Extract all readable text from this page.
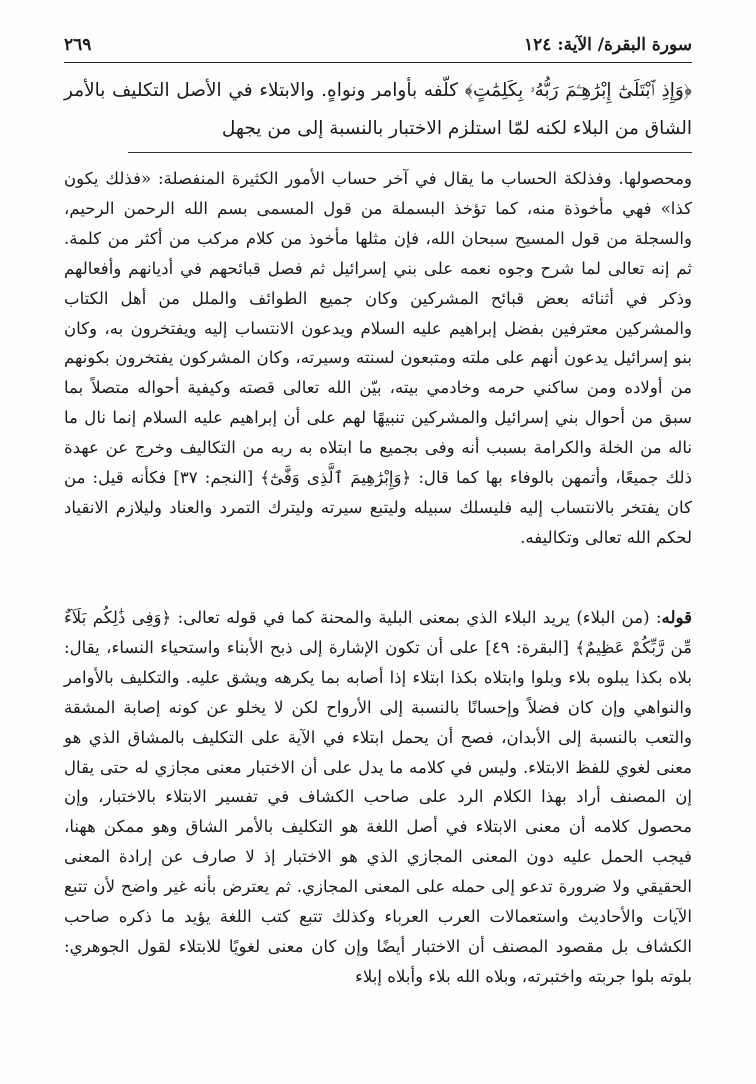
سورة البقرة/ الآية: ١٢٤
٢٦٩
﴿وَإِذِ ٱبْتَلَىٰٓ إِبْرَٰهِـۧمَ رَبُّهُۥ بِكَلِمَٰتٍ﴾ كلّفه بأوامر ونواهٍ. والابتلاء في الأصل التكليف بالأمر الشاق من البلاء لكنه لمّا استلزم الاختبار بالنسبة إلى من يجهل
ومحصولها. وفذلكة الحساب ما يقال في آخر حساب الأمور الكثيرة المنفصلة: «فذلك يكون كذا» فهي مأخوذة منه، كما تؤخذ البسملة من قول المسمى بسم الله الرحمن الرحيم، والسجلة من قول المسيح سبحان الله، فإن مثلها مأخوذ من كلام مركب من أكثر من كلمة. ثم إنه تعالى لما شرح وجوه نعمه على بني إسرائيل ثم فصل قبائحهم في أديانهم وأفعالهم وذكر في أثنائه بعض قبائح المشركين وكان جميع الطوائف والملل من أهل الكتاب والمشركين معترفين بفضل إبراهيم عليه السلام ويدعون الانتساب إليه ويفتخرون به، وكان بنو إسرائيل يدعون أنهم على ملته ومتبعون لسنته وسيرته، وكان المشركون يفتخرون بكونهم من أولاده ومن ساكني حرمه وخادمي بيته، بيّن الله تعالى قصته وكيفية أحواله متصلاً بما سبق من أحوال بني إسرائيل والمشركين تنبيهًا لهم على أن إبراهيم عليه السلام إنما نال ما ناله من الخلة والكرامة بسبب أنه وفى بجميع ما ابتلاه به ربه من التكاليف وخرج عن عهدة ذلك جميعًا، وأتمهن بالوفاء بها كما قال: ﴿وَإِبْرَٰهِيمَ ٱلَّذِى وَفَّىٰٓ﴾ [النجم: ٣٧] فكأنه قيل: من كان يفتخر بالانتساب إليه فليسلك سبيله وليتبع سيرته وليترك التمرد والعناد وليلازم الانقياد لحكم الله تعالى وتكاليفه.
قوله: (من البلاء) يريد البلاء الذي بمعنى البلية والمحنة كما في قوله تعالى: ﴿وَفِى ذَٰلِكُم بَلَآءٌ مِّن رَّبِّكُمْ عَظِيمٌ﴾ [البقرة: ٤٩] على أن تكون الإشارة إلى ذبح الأبناء واستحياء النساء، يقال: بلاه بكذا يبلوه بلاء وبلوا وابتلاه بكذا ابتلاء إذا أصابه بما يكرهه ويشق عليه. والتكليف بالأوامر والنواهي وإن كان فضلاً وإحسانًا بالنسبة إلى الأرواح لكن لا يخلو عن كونه إصابة المشقة والتعب بالنسبة إلى الأبدان، فصح أن يحمل ابتلاء في الآية على التكليف بالمشاق الذي هو معنى لغوي للفظ الابتلاء. وليس في كلامه ما يدل على أن الاختبار معنى مجازي له حتى يقال إن المصنف أراد بهذا الكلام الرد على صاحب الكشاف في تفسير الابتلاء بالاختبار، وإن محصول كلامه أن معنى الابتلاء في أصل اللغة هو التكليف بالأمر الشاق وهو ممكن ههنا، فيجب الحمل عليه دون المعنى المجازي الذي هو الاختبار إذ لا صارف عن إرادة المعنى الحقيقي ولا ضرورة تدعو إلى حمله على المعنى المجازي. ثم يعترض بأنه غير واضح لأن تتبع الآيات والأحاديث واستعمالات العرب العرباء وكذلك تتبع كتب اللغة يؤيد ما ذكره صاحب الكشاف بل مقصود المصنف أن الاختبار أيضًا وإن كان معنى لغويًا للابتلاء لقول الجوهري: بلوته بلوا جربته واختبرته، وبلاه الله بلاء وأبلاه إبلاء
